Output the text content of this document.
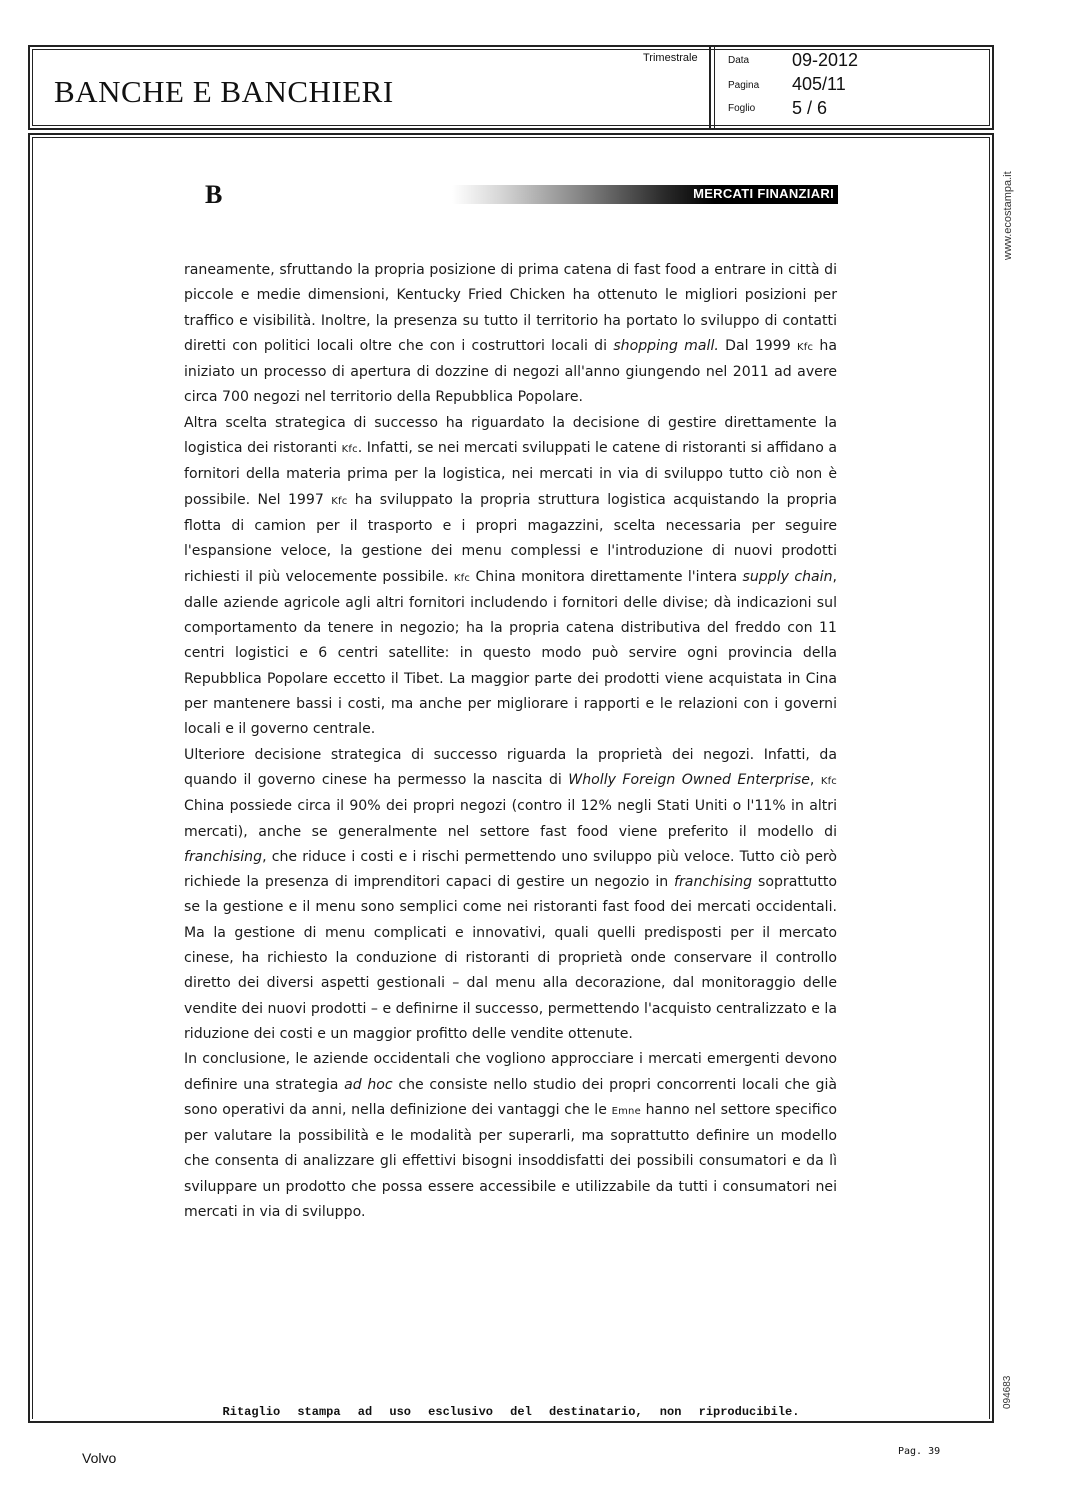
BANCHE E BANCHIERI
Trimestrale	Data 09-2012
Pagina 405/11
Foglio 5 / 6
www.ecostampa.it
094683
B	MERCATI FINANZIARI

raneamente, sfruttando la propria posizione di prima catena di fast food a entrare in città di piccole e medie dimensioni, Kentucky Fried Chicken ha ottenuto le migliori posizioni per traffico e visibilità. Inoltre, la presenza su tutto il territorio ha portato lo sviluppo di contatti diretti con politici locali oltre che con i costruttori locali di shopping mall. Dal 1999 Kfc ha iniziato un processo di apertura di dozzine di negozi all'anno giungendo nel 2011 ad avere circa 700 negozi nel territorio della Repubblica Popolare.

Altra scelta strategica di successo ha riguardato la decisione di gestire direttamente la logistica dei ristoranti Kfc. Infatti, se nei mercati sviluppati le catene di ristoranti si affidano a fornitori della materia prima per la logistica, nei mercati in via di sviluppo tutto ciò non è possibile. Nel 1997 Kfc ha sviluppato la propria struttura logistica acquistando la propria flotta di camion per il trasporto e i propri magazzini, scelta necessaria per seguire l'espansione veloce, la gestione dei menu complessi e l'introduzione di nuovi prodotti richiesti il più velocemente possibile. Kfc China monitora direttamente l'intera supply chain, dalle aziende agricole agli altri fornitori includendo i fornitori delle divise; dà indicazioni sul comportamento da tenere in negozio; ha la propria catena distributiva del freddo con 11 centri logistici e 6 centri satellite: in questo modo può servire ogni provincia della Repubblica Popolare eccetto il Tibet. La maggior parte dei prodotti viene acquistata in Cina per mantenere bassi i costi, ma anche per migliorare i rapporti e le relazioni con i governi locali e il governo centrale.

Ulteriore decisione strategica di successo riguarda la proprietà dei negozi. Infatti, da quando il governo cinese ha permesso la nascita di Wholly Foreign Owned Enterprise, Kfc China possiede circa il 90% dei propri negozi (contro il 12% negli Stati Uniti o l'11% in altri mercati), anche se generalmente nel settore fast food viene preferito il modello di franchising, che riduce i costi e i rischi permettendo uno sviluppo più veloce. Tutto ciò però richiede la presenza di imprenditori capaci di gestire un negozio in franchising soprattutto se la gestione e il menu sono semplici come nei ristoranti fast food dei mercati occidentali. Ma la gestione di menu complicati e innovativi, quali quelli predisposti per il mercato cinese, ha richiesto la conduzione di ristoranti di proprietà onde conservare il controllo diretto dei diversi aspetti gestionali – dal menu alla decorazione, dal monitoraggio delle vendite dei nuovi prodotti – e definirne il successo, permettendo l'acquisto centralizzato e la riduzione dei costi e un maggior profitto delle vendite ottenute.

In conclusione, le aziende occidentali che vogliono approcciare i mercati emergenti devono definire una strategia ad hoc che consiste nello studio dei propri concorrenti locali che già sono operativi da anni, nella definizione dei vantaggi che le Emne hanno nel settore specifico per valutare la possibilità e le modalità per superarli, ma soprattutto definire un modello che consenta di analizzare gli effettivi bisogni insoddisfatti dei possibili consumatori e da lì sviluppare un prodotto che possa essere accessibile e utilizzabile da tutti i consumatori nei mercati in via di sviluppo.

Ritaglio stampa ad uso esclusivo del destinatario, non riproducibile.
Volvo	Pag. 39
